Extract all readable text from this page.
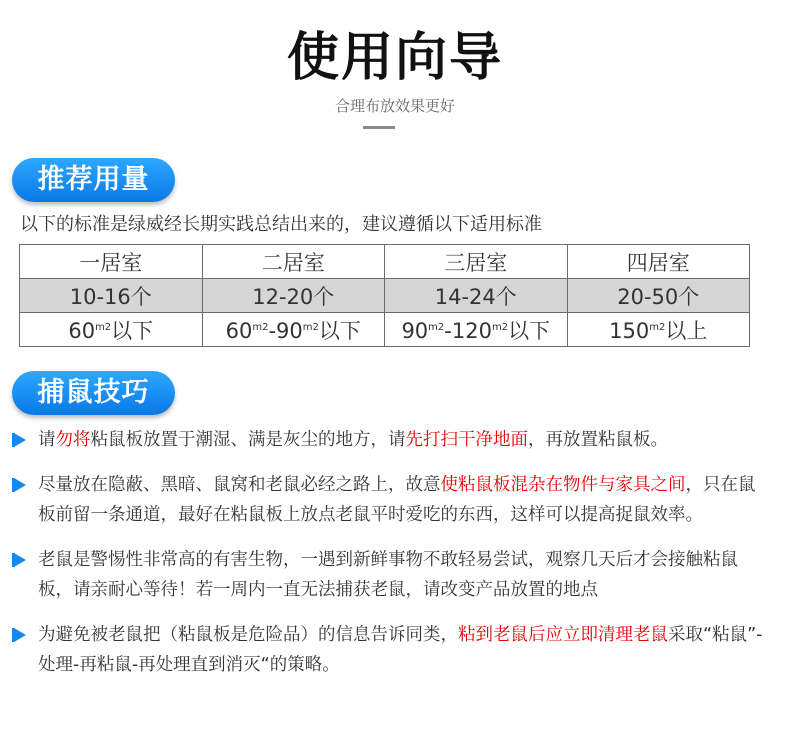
使用向导
合理布放效果更好
推荐用量
以下的标准是绿威经长期实践总结出来的，建议遵循以下适用标准
一居室	二居室	三居室	四居室
10-16个	12-20个	14-24个	20-50个
$60^{m2}$以下	$60^{m2}-90^{m2}$以下	$90^{m2}-120^{m2}$以下	$150^{m2}$以上
捕鼠技巧
请勿将粘鼠板放置于潮湿、满是灰尘的地方，请先打扫干净地面，再放置粘鼠板。
尽量放在隐蔽、黑暗、鼠窝和老鼠必经之路上，故意使粘鼠板混杂在物件与家具之间，只在鼠板前留一条通道，最好在粘鼠板上放点老鼠平时爱吃的东西，这样可以提高捉鼠效率。
老鼠是警惕性非常高的有害生物，一遇到新鲜事物不敢轻易尝试，观察几天后才会接触粘鼠板，请亲耐心等待！若一周内一直无法捕获老鼠，请改变产品放置的地点
为避免被老鼠把（粘鼠板是危险品）的信息告诉同类，粘到老鼠后应立即清理老鼠采取“粘鼠”-处理-再粘鼠-再处理直到消灭“的策略。
